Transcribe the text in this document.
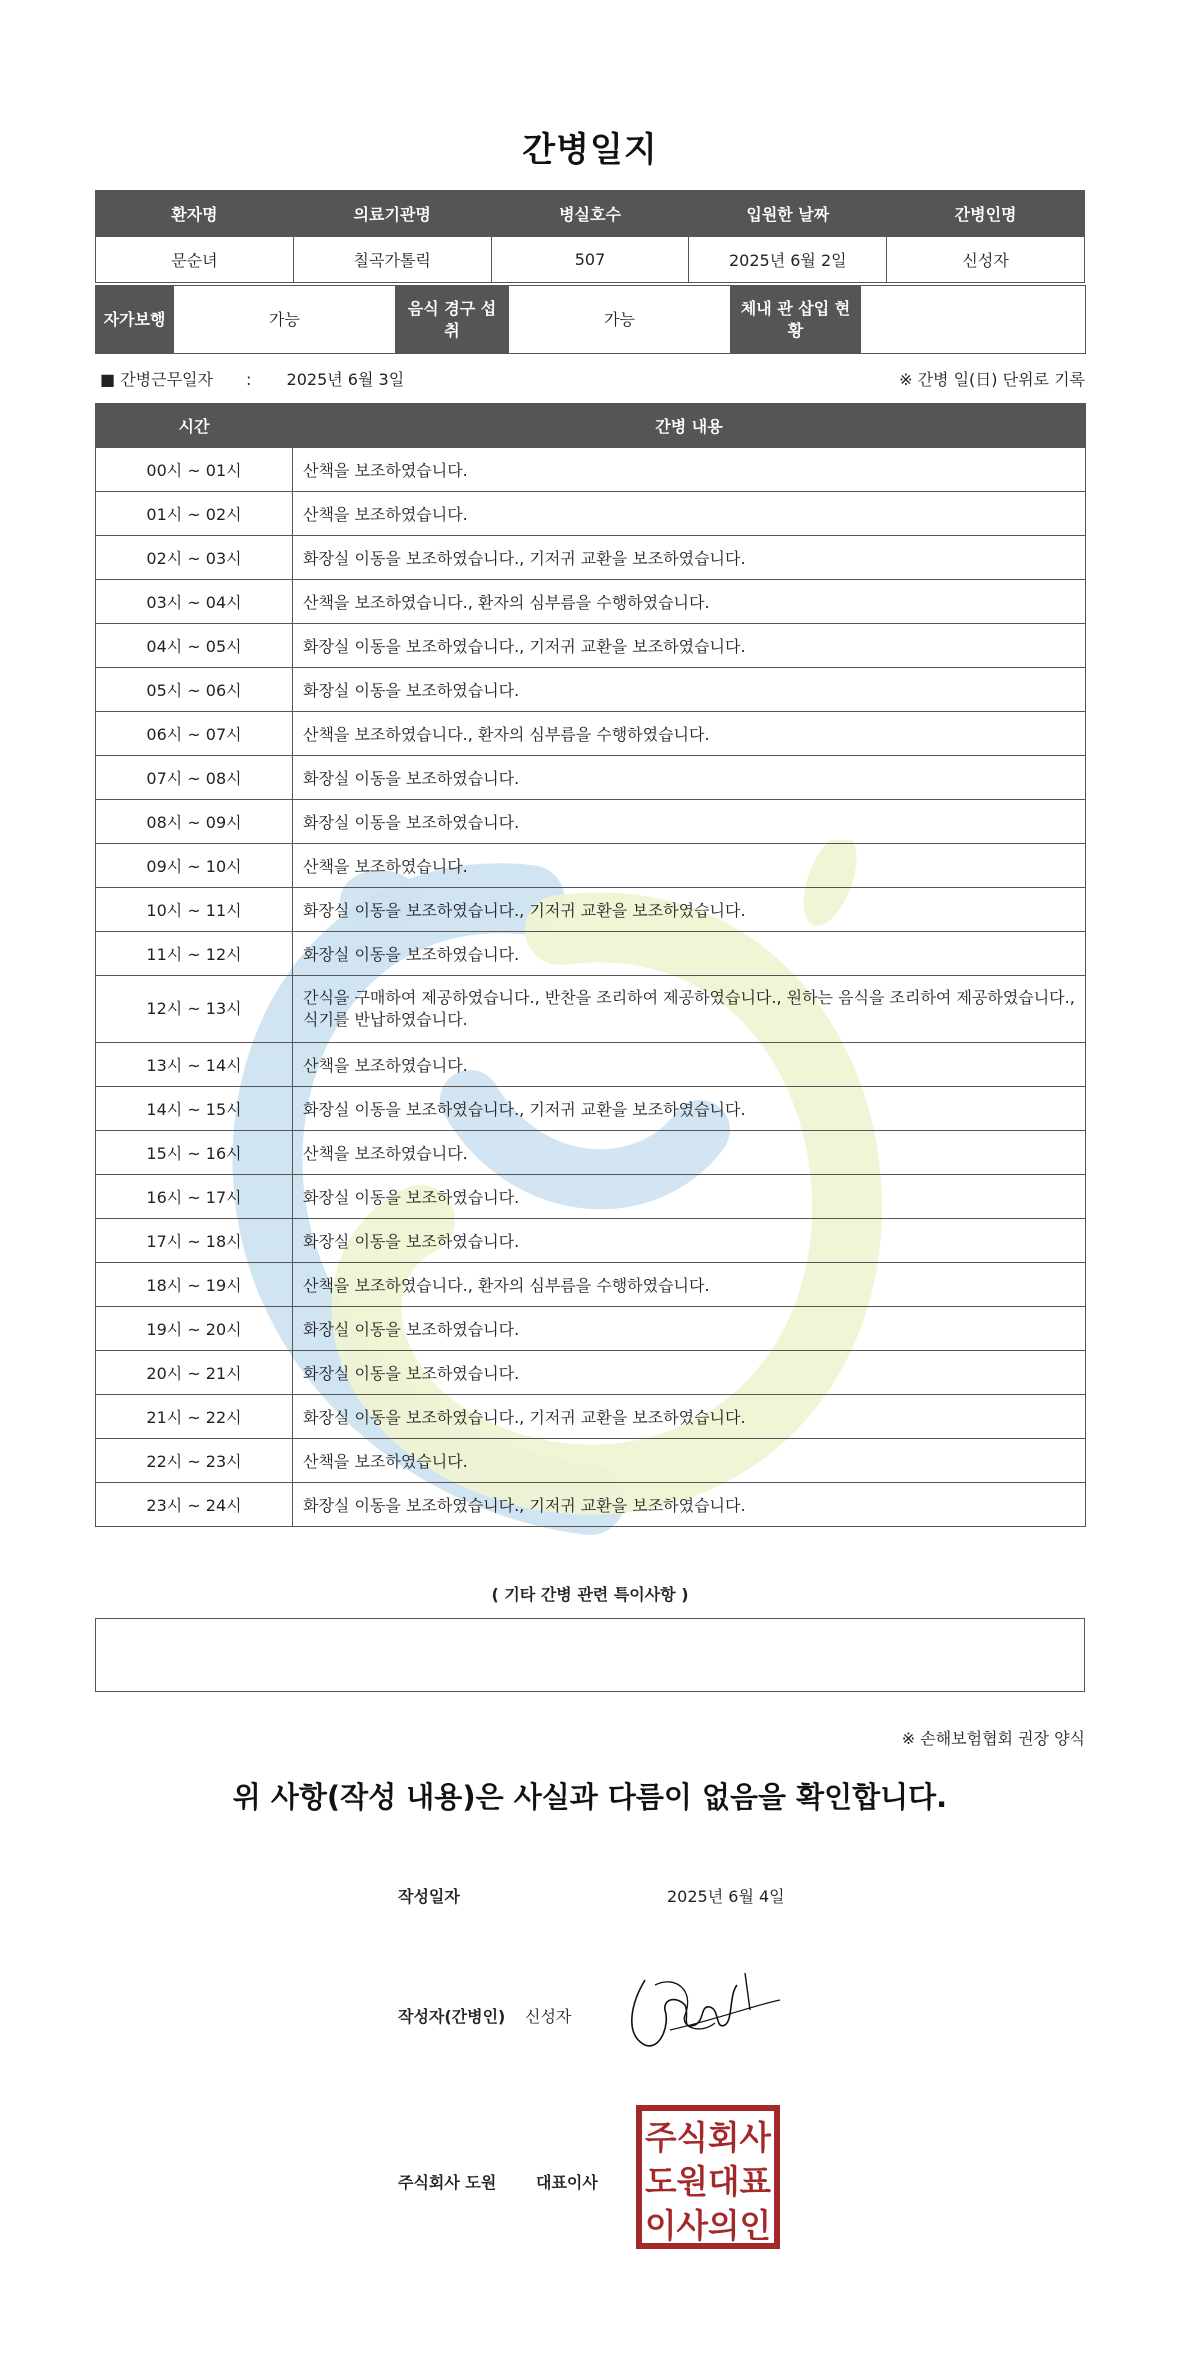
간병일지
환자명	의료기관명	병실호수	입원한 날짜	간병인명
문순녀	칠곡가톨릭	507	2025년 6월 2일	신성자
자가보행	가능	음식 경구 섭취	가능	체내 관 삽입 현황	
■ 간병근무일자 : 2025년 6월 3일	※ 간병 일(日) 단위로 기록
시간	간병 내용
00시 ~ 01시	산책을 보조하였습니다.
01시 ~ 02시	산책을 보조하였습니다.
02시 ~ 03시	화장실 이동을 보조하였습니다., 기저귀 교환을 보조하였습니다.
03시 ~ 04시	산책을 보조하였습니다., 환자의 심부름을 수행하였습니다.
04시 ~ 05시	화장실 이동을 보조하였습니다., 기저귀 교환을 보조하였습니다.
05시 ~ 06시	화장실 이동을 보조하였습니다.
06시 ~ 07시	산책을 보조하였습니다., 환자의 심부름을 수행하였습니다.
07시 ~ 08시	화장실 이동을 보조하였습니다.
08시 ~ 09시	화장실 이동을 보조하였습니다.
09시 ~ 10시	산책을 보조하였습니다.
10시 ~ 11시	화장실 이동을 보조하였습니다., 기저귀 교환을 보조하였습니다.
11시 ~ 12시	화장실 이동을 보조하였습니다.
12시 ~ 13시	간식을 구매하여 제공하였습니다., 반찬을 조리하여 제공하였습니다., 원하는 음식을 조리하여 제공하였습니다., 식기를 반납하였습니다.
13시 ~ 14시	산책을 보조하였습니다.
14시 ~ 15시	화장실 이동을 보조하였습니다., 기저귀 교환을 보조하였습니다.
15시 ~ 16시	산책을 보조하였습니다.
16시 ~ 17시	화장실 이동을 보조하였습니다.
17시 ~ 18시	화장실 이동을 보조하였습니다.
18시 ~ 19시	산책을 보조하였습니다., 환자의 심부름을 수행하였습니다.
19시 ~ 20시	화장실 이동을 보조하였습니다.
20시 ~ 21시	화장실 이동을 보조하였습니다.
21시 ~ 22시	화장실 이동을 보조하였습니다., 기저귀 교환을 보조하였습니다.
22시 ~ 23시	산책을 보조하였습니다.
23시 ~ 24시	화장실 이동을 보조하였습니다., 기저귀 교환을 보조하였습니다.
( 기타 간병 관련 특이사항 )
※ 손해보험협회 권장 양식
위 사항(작성 내용)은 사실과 다름이 없음을 확인합니다.
작성일자	2025년 6월 4일
작성자(간병인) 신성자
주식회사 도원 대표이사
주식회사
도원대표
이사의인
